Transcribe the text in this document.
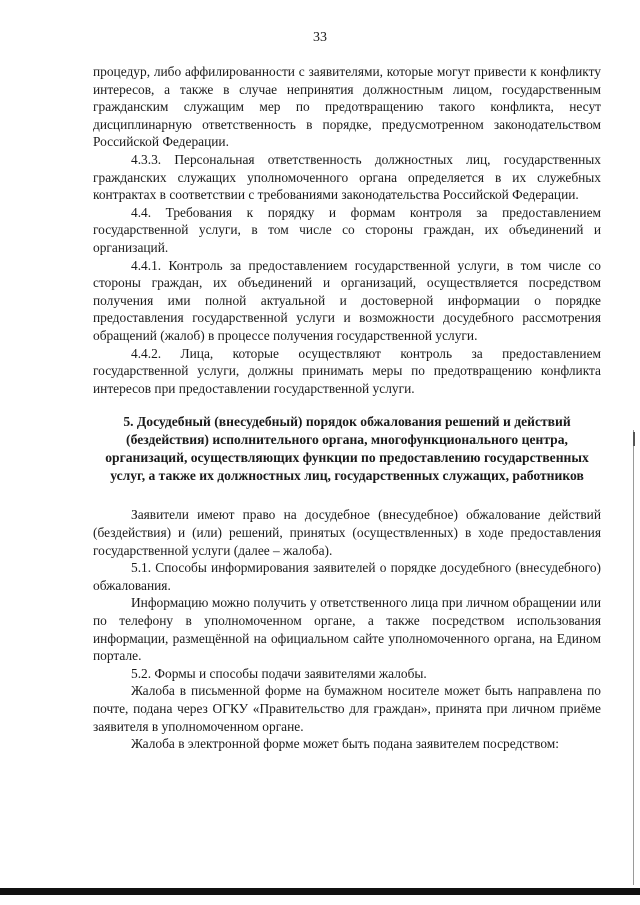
33

процедур, либо аффилированности с заявителями, которые могут привести к конфликту интересов, а также в случае непринятия должностным лицом, государственным гражданским служащим мер по предотвращению такого конфликта, несут дисциплинарную ответственность в порядке, предусмотренном законодательством Российской Федерации.

4.3.3. Персональная ответственность должностных лиц, государственных гражданских служащих уполномоченного органа определяется в их служебных контрактах в соответствии с требованиями законодательства Российской Федерации.

4.4. Требования к порядку и формам контроля за предоставлением государственной услуги, в том числе со стороны граждан, их объединений и организаций.

4.4.1. Контроль за предоставлением государственной услуги, в том числе со стороны граждан, их объединений и организаций, осуществляется посредством получения ими полной актуальной и достоверной информации о порядке предоставления государственной услуги и возможности досудебного рассмотрения обращений (жалоб) в процессе получения государственной услуги.

4.4.2. Лица, которые осуществляют контроль за предоставлением государственной услуги, должны принимать меры по предотвращению конфликта интересов при предоставлении государственной услуги.

5. Досудебный (внесудебный) порядок обжалования решений и действий (бездействия) исполнительного органа, многофункционального центра, организаций, осуществляющих функции по предоставлению государственных услуг, а также их должностных лиц, государственных служащих, работников

Заявители имеют право на досудебное (внесудебное) обжалование действий (бездействия) и (или) решений, принятых (осуществленных) в ходе предоставления государственной услуги (далее – жалоба).

5.1. Способы информирования заявителей о порядке досудебного (внесудебного) обжалования.

Информацию можно получить у ответственного лица при личном обращении или по телефону в уполномоченном органе, а также посредством использования информации, размещённой на официальном сайте уполномоченного органа, на Едином портале.

5.2. Формы и способы подачи заявителями жалобы.

Жалоба в письменной форме на бумажном носителе может быть направлена по почте, подана через ОГКУ «Правительство для граждан», принята при личном приёме заявителя в уполномоченном органе.

Жалоба в электронной форме может быть подана заявителем посредством:
